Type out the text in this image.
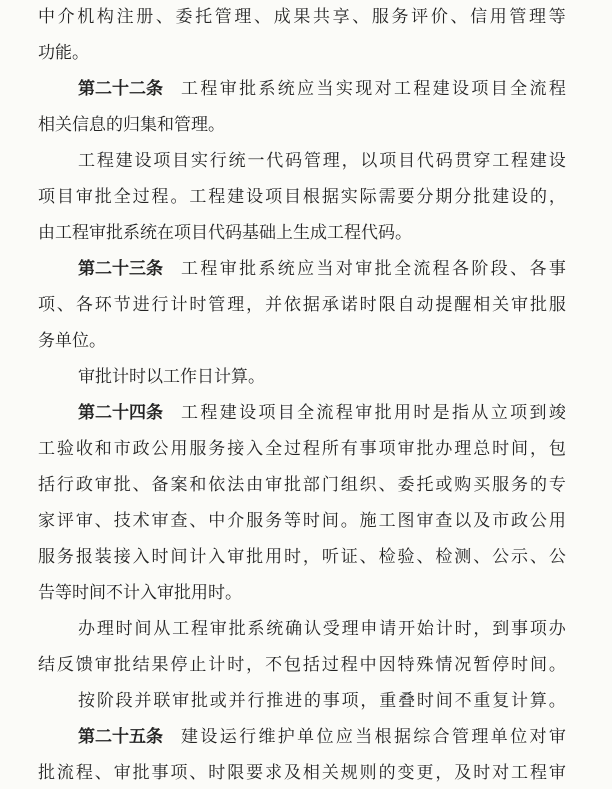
中 介 机 构 注 册 、 委 托 管 理 、 成 果 共 享 、 服 务 评 价 、 信 用 管 理 等
功能。
第二十二条 工 程 审 批 系 统 应 当 实 现 对 工 程 建 设 项 目 全 流 程
相关信息的归集和管理。
工 程 建 设 项 目 实 行 统 一 代 码 管 理 ， 以 项 目 代 码 贯 穿 工 程 建 设
项 目 审 批 全 过 程 。 工 程 建 设 项 目 根 据 实 际 需 要 分 期 分 批 建 设 的 ，
由工程审批系统在项目代码基础上生成工程代码。
第二十三条 工 程 审 批 系 统 应 当 对 审 批 全 流 程 各 阶 段 、 各 事
项 、 各 环 节 进 行 计 时 管 理 ， 并 依 据 承 诺 时 限 自 动 提 醒 相 关 审 批 服
务单位。
审批计时以工作日计算。
第二十四条 工 程 建 设 项 目 全 流 程 审 批 用 时 是 指 从 立 项 到 竣
工 验 收 和 市 政 公 用 服 务 接 入 全 过 程 所 有 事 项 审 批 办 理 总 时 间 ， 包
括 行 政 审 批 、 备 案 和 依 法 由 审 批 部 门 组 织 、 委 托 或 购 买 服 务 的 专
家 评 审 、 技 术 审 查 、 中 介 服 务 等 时 间 。 施 工 图 审 查 以 及 市 政 公 用
服 务 报 装 接 入 时 间 计 入 审 批 用 时 ， 听 证 、 检 验 、 检 测 、 公 示 、 公
告等时间不计入审批用时。
办 理 时 间 从 工 程 审 批 系 统 确 认 受 理 申 请 开 始 计 时 ， 到 事 项 办
结 反 馈 审 批 结 果 停 止 计 时 ， 不 包 括 过 程 中 因 特 殊 情 况 暂 停 时 间 。
按 阶 段 并 联 审 批 或 并 行 推 进 的 事 项 ， 重 叠 时 间 不 重 复 计 算 。
第二十五条 建 设 运 行 维 护 单 位 应 当 根 据 综 合 管 理 单 位 对 审
批 流 程 、 审 批 事 项 、 时 限 要 求 及 相 关 规 则 的 变 更 ， 及 时 对 工 程 审
